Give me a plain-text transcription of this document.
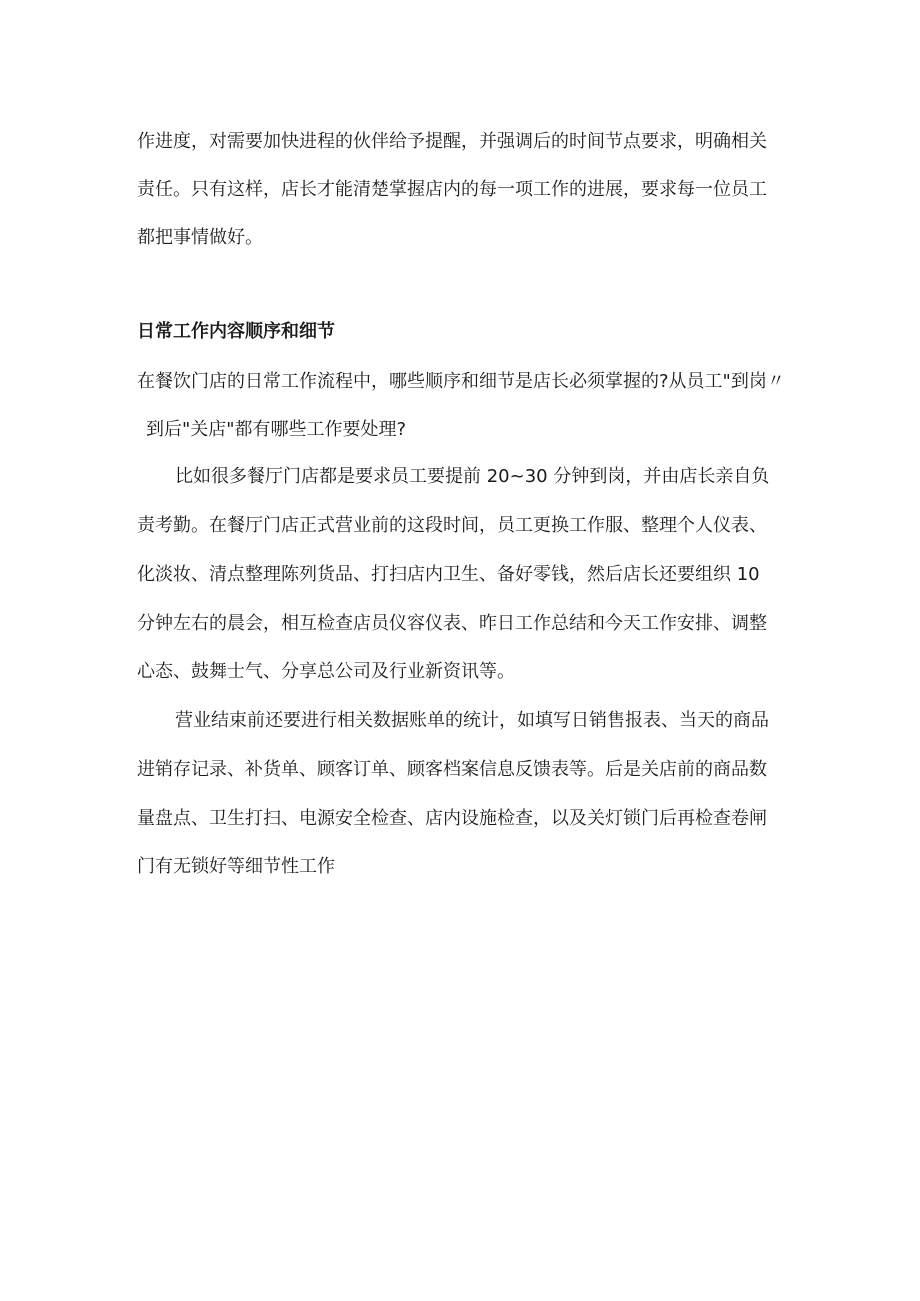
作进度，对需要加快进程的伙伴给予提醒，并强调后的时间节点要求，明确相关
责任。只有这样，店长才能清楚掌握店内的每一项工作的进展，要求每一位员工
都把事情做好。
日常工作内容顺序和细节
在餐饮门店的日常工作流程中，哪些顺序和细节是店长必须掌握的?从员工"到岗〃
到后"关店"都有哪些工作要处理?
比如很多餐厅门店都是要求员工要提前 20~30 分钟到岗，并由店长亲自负
责考勤。在餐厅门店正式营业前的这段时间，员工更换工作服、整理个人仪表、
化淡妆、清点整理陈列货品、打扫店内卫生、备好零钱，然后店长还要组织 10
分钟左右的晨会，相互检查店员仪容仪表、昨日工作总结和今天工作安排、调整
心态、鼓舞士气、分享总公司及行业新资讯等。
营业结束前还要进行相关数据账单的统计，如填写日销售报表、当天的商品
进销存记录、补货单、顾客订单、顾客档案信息反馈表等。后是关店前的商品数
量盘点、卫生打扫、电源安全检查、店内设施检查，以及关灯锁门后再检查卷闸
门有无锁好等细节性工作
